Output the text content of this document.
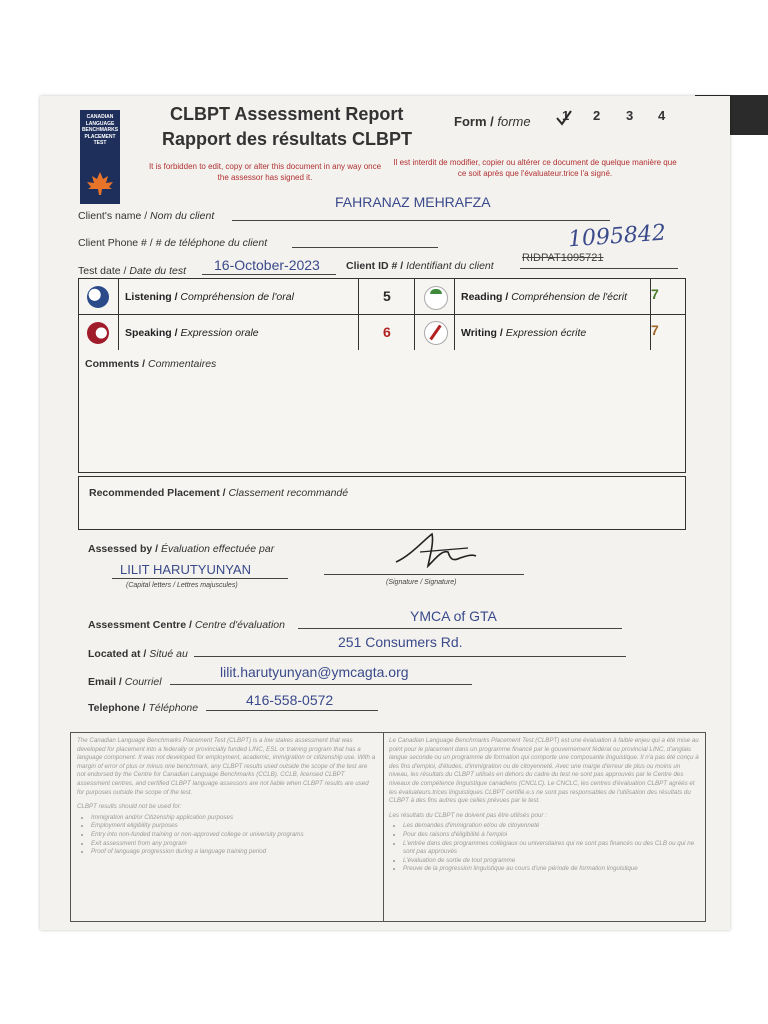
CANADIAN
LANGUAGE
BENCHMARKS
PLACEMENT
TEST
CLBPT Assessment Report
Rapport des résultats CLBPT
Form / forme 1 2 3 4
It is forbidden to edit, copy or alter this document in any way once the assessor has signed it.
Il est interdit de modifier, copier ou altérer ce document de quelque manière que ce soit après que l'évaluateur.trice l'a signé.
Client's name / Nom du client
FAHRANAZ MEHRAFZA
Client Phone # / # de téléphone du client
Test date / Date du test 16-October-2023 Client ID # / Identifiant du client
RIDPAT1095721
1095842
Listening / Compréhension de l'oral	5	Reading / Compréhension de l'écrit 7
Speaking / Expression orale	6	Writing / Expression écrite	7
Comments / Commentaires
Recommended Placement / Classement recommandé
Assessed by / Évaluation effectuée par
LILIT HARUTYUNYAN
(Capital letters / Lettres majuscules)	(Signature / Signature)
Assessment Centre / Centre d'évaluation
YMCA of GTA
Located at / Situé au
251 Consumers Rd.
Email / Courriel
lilit.harutyunyan@ymcagta.org
Telephone / Téléphone	416-558-0572

The Canadian Language Benchmarks Placement Test (CLBPT) is a low stakes assessment that was developed for placement into a federally or provincially funded LINC, ESL or training program that has a language component. It was not developed for employment, academic, immigration or citizenship use. With a margin of error of plus or minus one benchmark, any CLBPT results used outside the scope of the test are not endorsed by the Centre for Canadian Language Benchmarks (CCLB). CCLB, licensed CLBPT assessment centres, and certified CLBPT language assessors are not liable when CLBPT results are used for purposes outside the scope of the test.

CLBPT results should not be used for:
• Immigration and/or Citizenship application purposes
• Employment eligibility purposes
• Entry into non-funded training or non-approved college or university programs
• Exit assessment from any program
• Proof of language progression during a language training period

Le Canadian Language Benchmarks Placement Test (CLBPT) est une évaluation à faible enjeu qui a été mise au point pour le placement dans un programme financé par le gouvernement fédéral ou provincial LINC, d'anglais langue seconde ou un programme de formation qui comporte une composante linguistique. Il n'a pas été conçu à des fins d'emploi, d'études, d'immigration ou de citoyenneté. Avec une marge d'erreur de plus ou moins un niveau, les résultats du CLBPT utilisés en dehors du cadre du test ne sont pas approuvés par le Centre des niveaux de compétence linguistique canadiens (CNCLC). Le CNCLC, les centres d'évaluation CLBPT agréés et les évaluateurs.trices linguistiques CLBPT certifié.e.s ne sont pas responsables de l'utilisation des résultats du CLBPT à des fins autres que celles prévues par le test.

Les résultats du CLBPT ne doivent pas être utilisés pour :
• Les demandes d'immigration et/ou de citoyenneté
• Pour des raisons d'éligibilité à l'emploi
• L'entrée dans des programmes collégiaux ou universitaires qui ne sont pas financés ou des CLB ou qui ne sont pas approuvés
• L'évaluation de sortie de tout programme
• Preuve de la progression linguistique au cours d'une période de formation linguistique
